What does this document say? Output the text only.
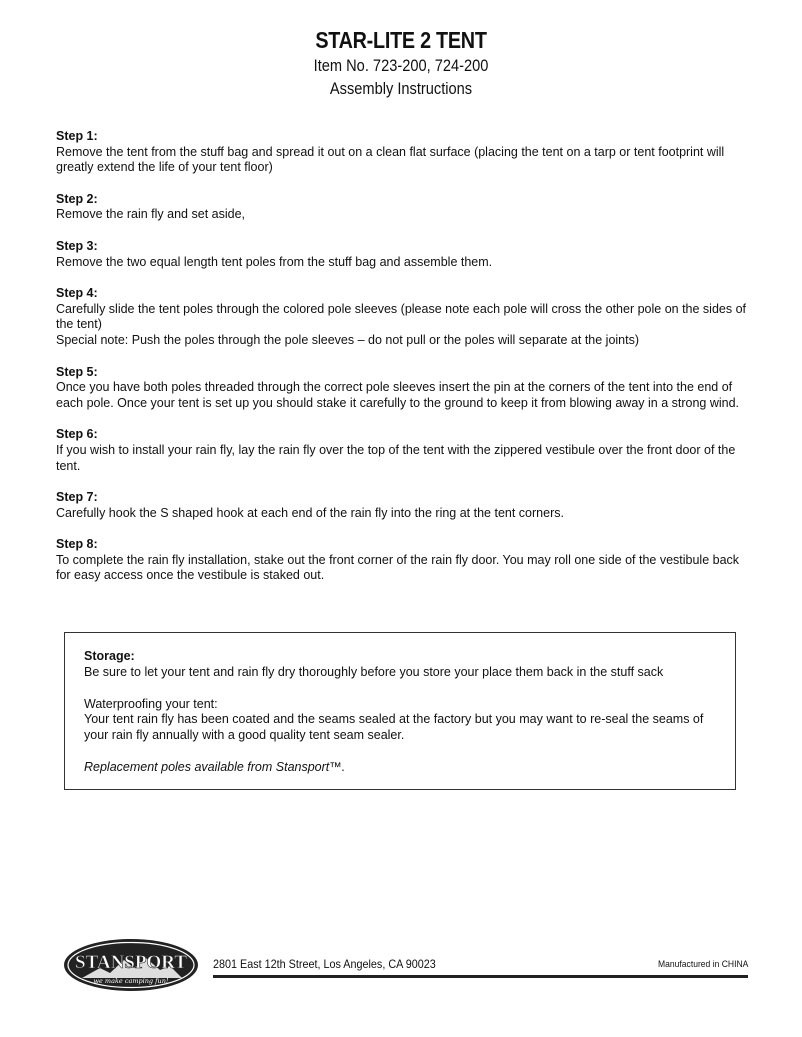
STAR-LITE 2 TENT
Item No. 723-200, 724-200
Assembly Instructions
Step 1:
Remove the tent from the stuff bag and spread it out on a clean flat surface (placing the tent on a tarp or tent footprint will greatly extend the life of your tent floor)
Step 2:
Remove the rain fly and set aside,
Step 3:
Remove the two equal length tent poles from the stuff bag and assemble them.
Step 4:
Carefully slide the tent poles through the colored pole sleeves (please note each pole will cross the other pole on the sides of the tent)
Special note: Push the poles through the pole sleeves – do not pull or the poles will separate at the joints)
Step 5:
Once you have both poles threaded through the correct pole sleeves insert the pin at the corners of the tent into the end of each pole. Once your tent is set up you should stake it carefully to the ground to keep it from blowing away in a strong wind.
Step 6:
If you wish to install your rain fly, lay the rain fly over the top of the tent with the zippered vestibule over the front door of the tent.
Step 7:
Carefully hook the S shaped hook at each end of the rain fly into the ring at the tent corners.
Step 8:
To complete the rain fly installation, stake out the front corner of the rain fly door. You may roll one side of the vestibule back for easy access once the vestibule is staked out.

Storage:
Be sure to let your tent and rain fly dry thoroughly before you store your place them back in the stuff sack

Waterproofing your tent:
Your tent rain fly has been coated and the seams sealed at the factory but you may want to re-seal the seams of your rain fly annually with a good quality tent seam sealer.

Replacement poles available from Stansport™.

STANSPORT
we make camping fun!
2801 East 12th Street, Los Angeles, CA 90023	Manufactured in CHINA
